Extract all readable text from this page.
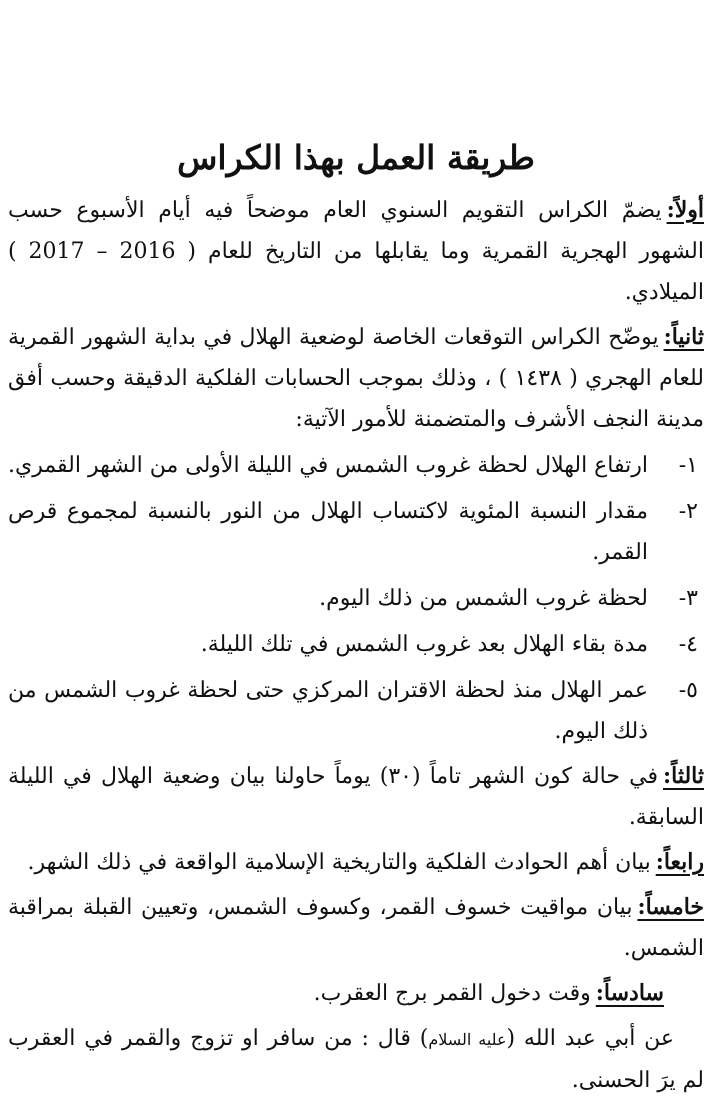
طريقة العمل بهذا الكراس

أولاً:يضمّ الكراس التقويم السنوي العام موضحاً فيه أيام الأسبوع حسب الشهور الهجرية القمرية وما يقابلها من التاريخ للعام ( 2016 – 2017 ) الميلادي.

ثانياً:يوضّح الكراس التوقعات الخاصة لوضعية الهلال في بداية الشهور القمرية للعام الهجري ( ١٤٣٨ ) ، وذلك بموجب الحسابات الفلكية الدقيقة وحسب أفق مدينة النجف الأشرف والمتضمنة للأمور الآتية:

١-
ارتفاع الهلال لحظة غروب الشمس في الليلة الأولى من الشهر القمري.
٢-
مقدار النسبة المئوية لاكتساب الهلال من النور بالنسبة لمجموع قرص القمر.
٣-
لحظة غروب الشمس من ذلك اليوم.
٤-
مدة بقاء الهلال بعد غروب الشمس في تلك الليلة.
٥-
عمر الهلال منذ لحظة الاقتران المركزي حتى لحظة غروب الشمس من ذلك اليوم.

ثالثاً:في حالة كون الشهر تاماً (٣٠) يوماً حاولنا بيان وضعية الهلال في الليلة السابقة.

رابعاً:بيان أهم الحوادث الفلكية والتاريخية الإسلامية الواقعة في ذلك الشهر.

خامساً:بيان مواقيت خسوف القمر، وكسوف الشمس، وتعيين القبلة بمراقبة الشمس.

سادساً:وقت دخول القمر برج العقرب.

عن أبي عبد الله (عليه السلام) قال : من سافر او تزوج والقمر في العقرب لم يرَ الحسنى.
